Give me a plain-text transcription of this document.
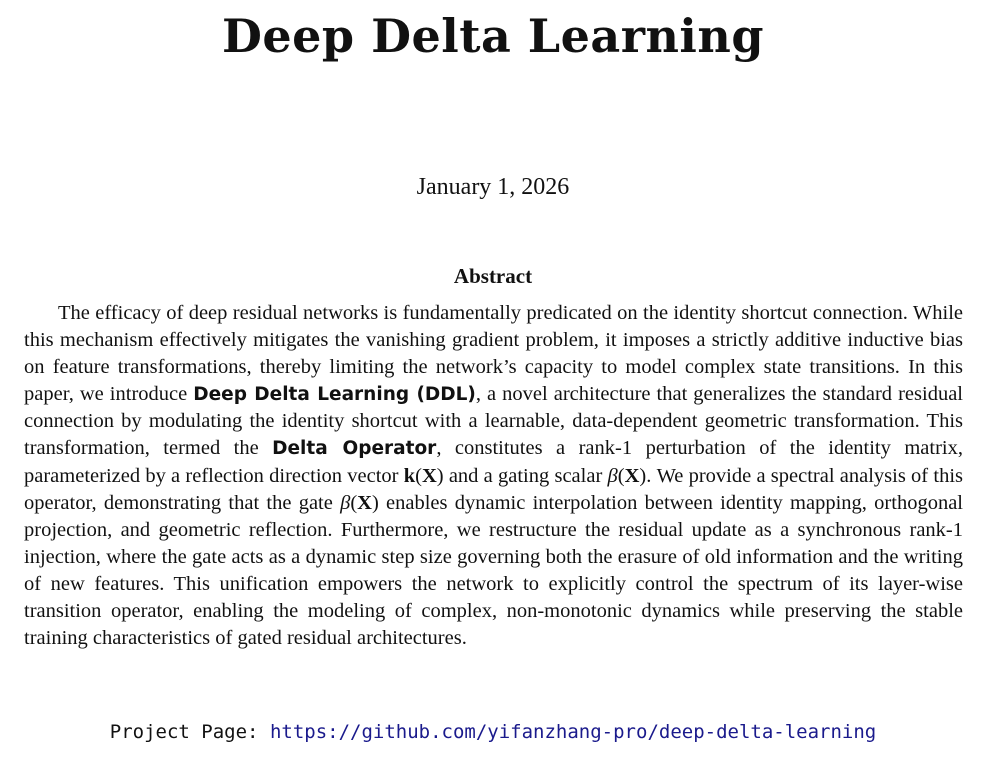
Deep Delta Learning
January 1, 2026
Abstract

The efficacy of deep residual networks is fundamentally predicated on the identity shortcut connection. While this mechanism effectively mitigates the vanishing gradient problem, it imposes a strictly additive inductive bias on feature transformations, thereby limiting the network’s capacity to model complex state transitions. In this paper, we introduce Deep Delta Learning (DDL), a novel architecture that generalizes the standard residual connection by modulating the identity shortcut with a learnable, data-dependent geometric transformation. This transformation, termed the Delta Operator, constitutes a rank-1 perturbation of the identity matrix, parameterized by a reflection direction vector k(X) and a gating scalar β(X). We provide a spectral analysis of this operator, demonstrating that the gate β(X) enables dynamic interpolation between identity mapping, orthogonal projection, and geometric reflection. Furthermore, we restructure the residual update as a synchronous rank-1 injection, where the gate acts as a dynamic step size governing both the erasure of old information and the writing of new features. This unification empowers the network to explicitly control the spectrum of its layer-wise transition operator, enabling the modeling of complex, non-monotonic dynamics while preserving the stable training characteristics of gated residual architectures.

Project Page: https://github.com/yifanzhang-pro/deep-delta-learning
